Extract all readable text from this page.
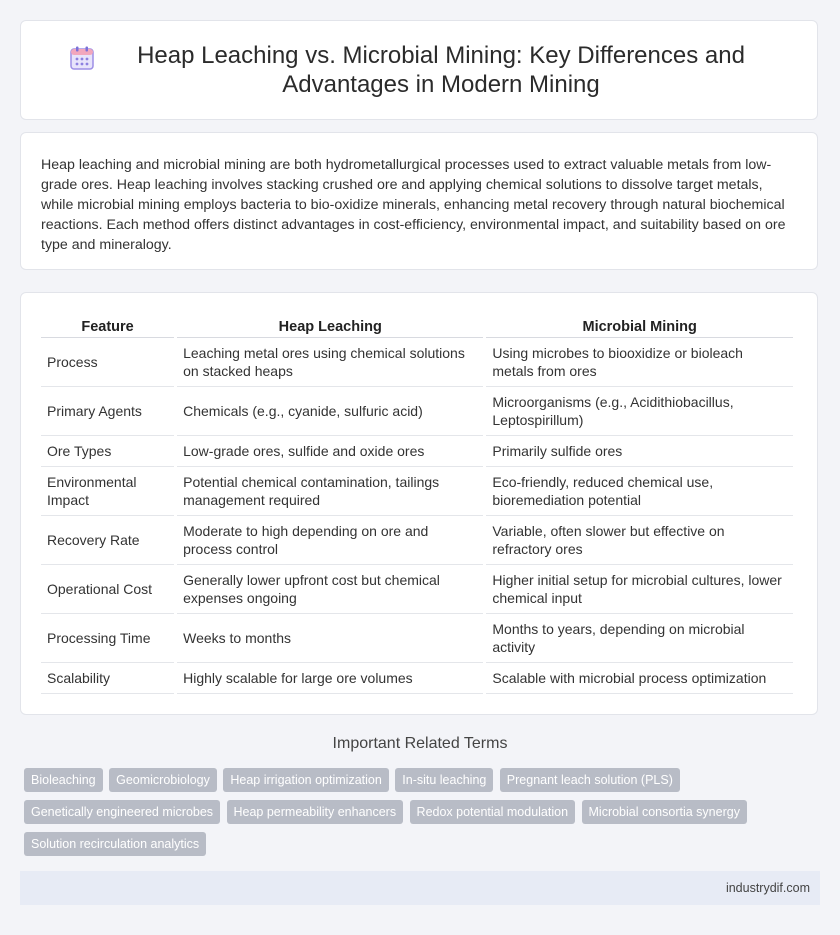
Heap Leaching vs. Microbial Mining: Key Differences and Advantages in Modern Mining

Heap leaching and microbial mining are both hydrometallurgical processes used to extract valuable metals from low-grade ores. Heap leaching involves stacking crushed ore and applying chemical solutions to dissolve target metals, while microbial mining employs bacteria to bio-oxidize minerals, enhancing metal recovery through natural biochemical reactions. Each method offers distinct advantages in cost-efficiency, environmental impact, and suitability based on ore type and mineralogy.

Feature	Heap Leaching	Microbial Mining
Process	Leaching metal ores using chemical solutions on stacked heaps	Using microbes to biooxidize or bioleach metals from ores
Primary Agents	Chemicals (e.g., cyanide, sulfuric acid)	Microorganisms (e.g., Acidithiobacillus, Leptospirillum)
Ore Types	Low-grade ores, sulfide and oxide ores	Primarily sulfide ores
Environmental Impact	Potential chemical contamination, tailings management required	Eco-friendly, reduced chemical use, bioremediation potential
Recovery Rate	Moderate to high depending on ore and process control	Variable, often slower but effective on refractory ores
Operational Cost	Generally lower upfront cost but chemical expenses ongoing	Higher initial setup for microbial cultures, lower chemical input
Processing Time	Weeks to months	Months to years, depending on microbial activity
Scalability	Highly scalable for large ore volumes	Scalable with microbial process optimization
Important Related Terms
Bioleaching Geomicrobiology Heap irrigation optimization In-situ leaching Pregnant leach solution (PLS)
Genetically engineered microbes Heap permeability enhancers Redox potential modulation Microbial consortia synergy
Solution recirculation analytics
industrydif.com
